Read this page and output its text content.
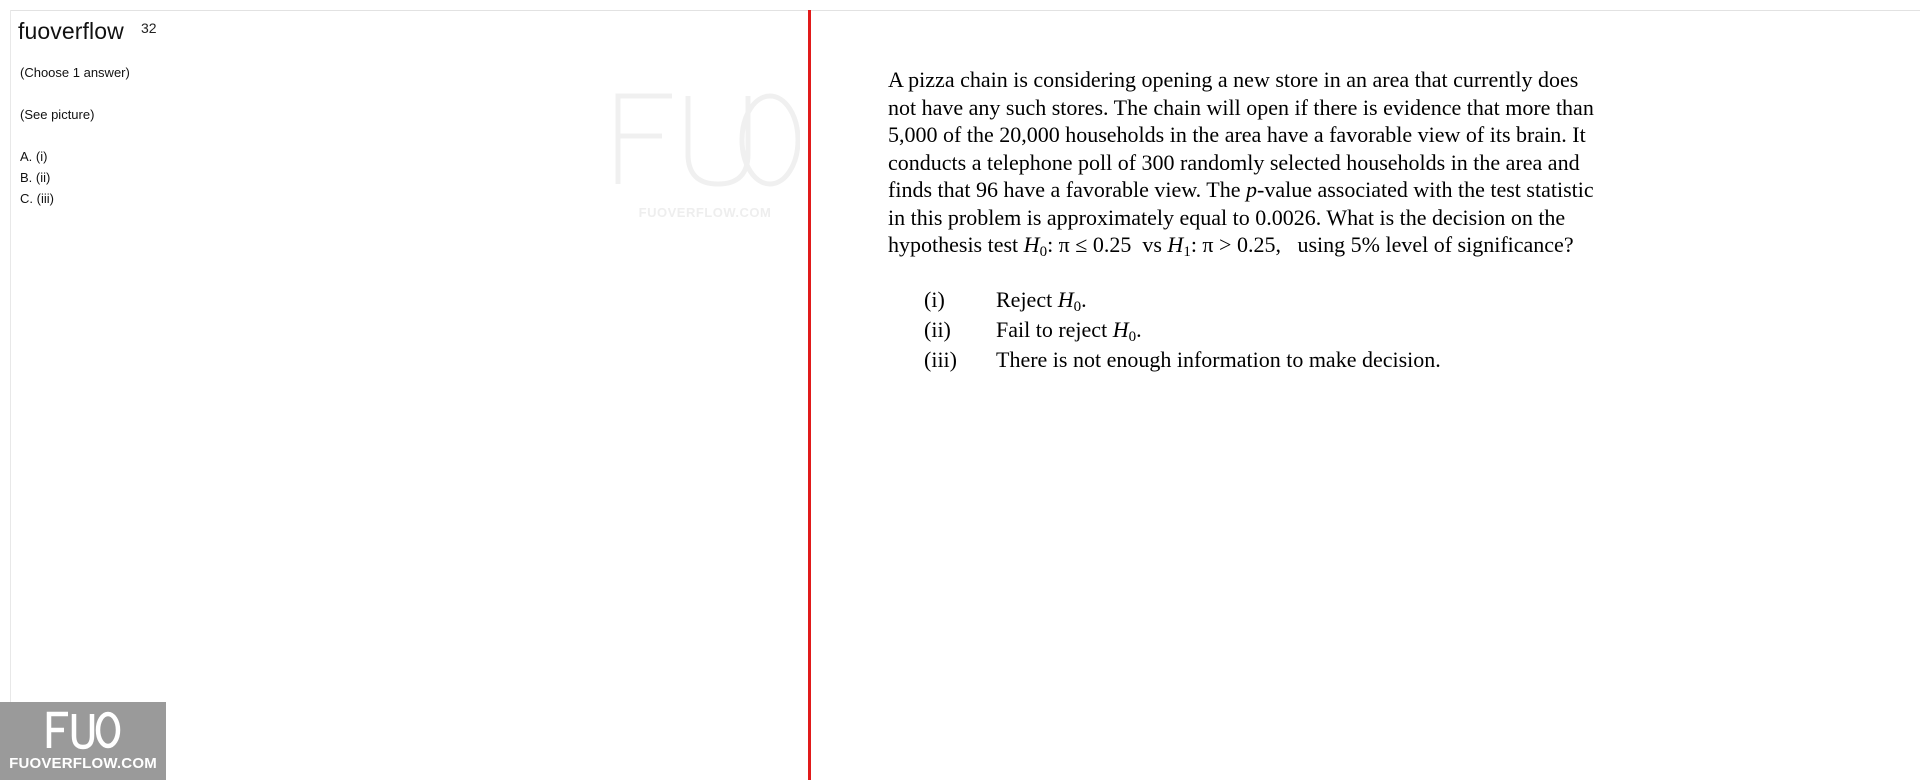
32
fuoverflow
(Choose 1 answer)
(See picture)
A. (i)
B. (ii)
C. (iii)
FUOVERFLOW.COM
A pizza chain is considering opening a new store in an area that currently does not have any such stores. The chain will open if there is evidence that more than 5,000 of the 20,000 households in the area have a favorable view of its brain. It conducts a telephone poll of 300 randomly selected households in the area and finds that 96 have a favorable view. The p-value associated with the test statistic in this problem is approximately equal to 0.0026. What is the decision on the hypothesis test $H_0$: π ≤ 0.25  vs $H_1$: π > 0.25,   using 5% level of significance?
(i)	Reject $H_0$.
(ii)	Fail to reject $H_0$.
(iii)	There is not enough information to make decision.
FUOVERFLOW.COM
